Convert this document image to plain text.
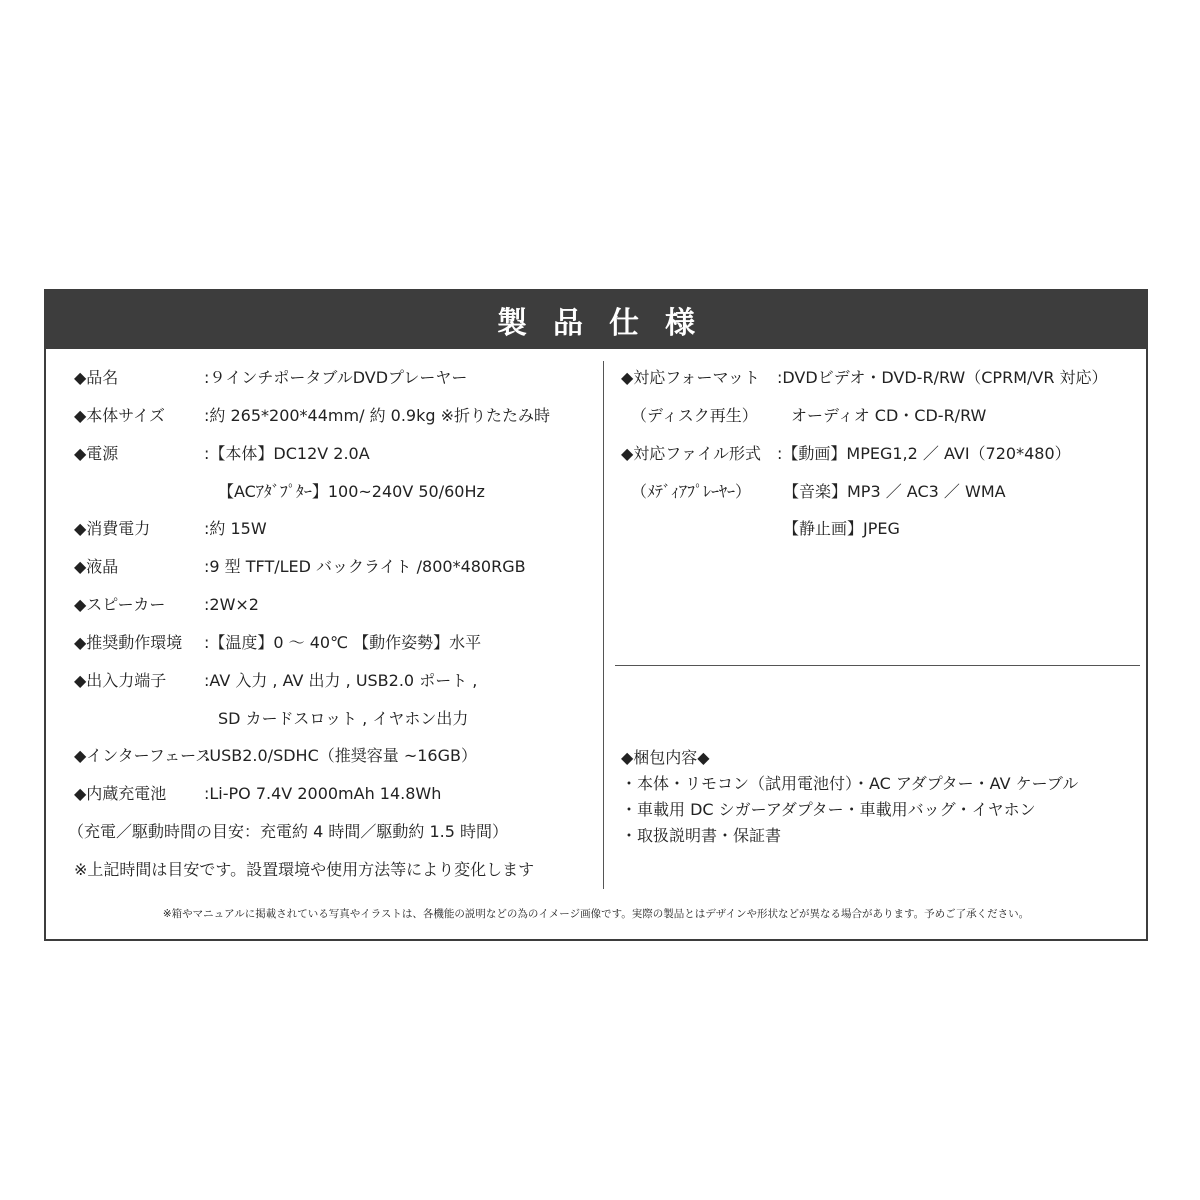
製品仕様
◆品名	:９インチポータブルDVDプレーヤー
◆本体サイズ :約 265*200*44mm/ 約 0.9kg ※折りたたみ時
◆電源	:【本体】DC12V 2.0A
【ACｱﾀﾞﾌﾟﾀｰ】100~240V 50/60Hz
◆消費電力	:約 15W
◆液晶	:9 型 TFT/LED バックライト /800*480RGB
◆スピーカー :2W×2
◆推奨動作環境 :【温度】0 ～ 40℃ 【動作姿勢】水平
◆出入力端子 :AV 入力 , AV 出力 , USB2.0 ポート ,
SD カードスロット , イヤホン出力
◆インターフェース
:USB2.0/SDHC（推奨容量 ~16GB）
◆内蔵充電池 :Li-PO 7.4V 2000mAh 14.8Wh
（充電／駆動時間の目安：充電約 4 時間／駆動約 1.5 時間）
※上記時間は目安です。設置環境や使用方法等により変化します
◆対応フォーマット :DVDビデオ・DVD-R/RW（CPRM/VR 対応）
（ディスク再生） オーディオ CD・CD-R/RW
◆対応ファイル形式 :【動画】MPEG1,2 ／ AVI（720*480）
（ﾒﾃﾞｨｱﾌﾟﾚｰﾔｰ） 【音楽】MP3 ／ AC3 ／ WMA
【静止画】JPEG
◆梱包内容◆
・本体・リモコン（試用電池付）・AC アダプター・AV ケーブル
・車載用 DC シガーアダプター・車載用バッグ・イヤホン
・取扱説明書・保証書
※箱やマニュアルに掲載されている写真やイラストは、各機能の説明などの為のイメージ画像です。実際の製品とはデザインや形状などが異なる場合があります。予めご了承ください。
